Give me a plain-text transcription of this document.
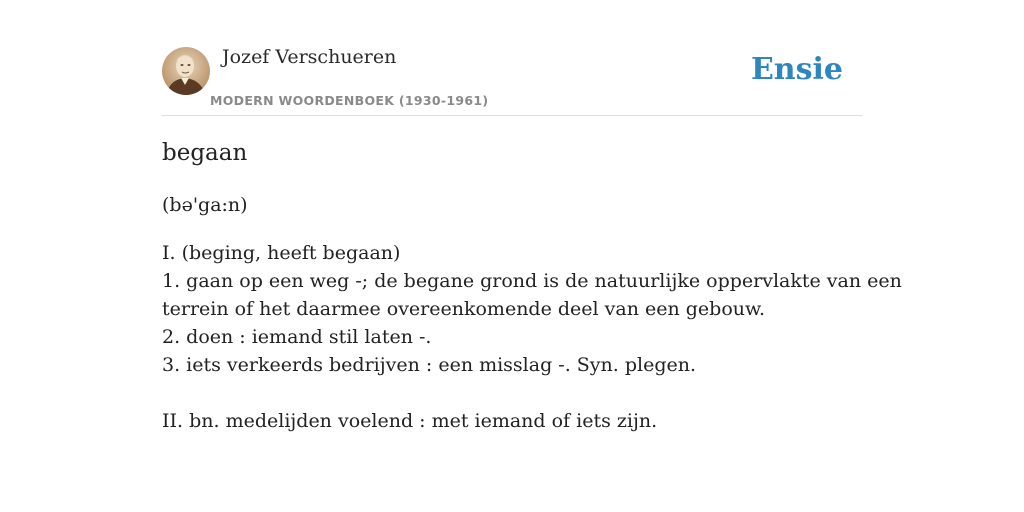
Jozef Verschueren
MODERN WOORDENBOEK (1930-1961)
Ensie
begaan
(bə'ga:n)
I. (beging, heeft begaan)
1. gaan op een weg -; de begane grond is de natuurlijke oppervlakte van een
terrein of het daarmee overeenkomende deel van een gebouw.
2. doen : iemand stil laten -.
3. iets verkeerds bedrijven : een misslag -. Syn. plegen.
II. bn. medelijden voelend : met iemand of iets zijn.
